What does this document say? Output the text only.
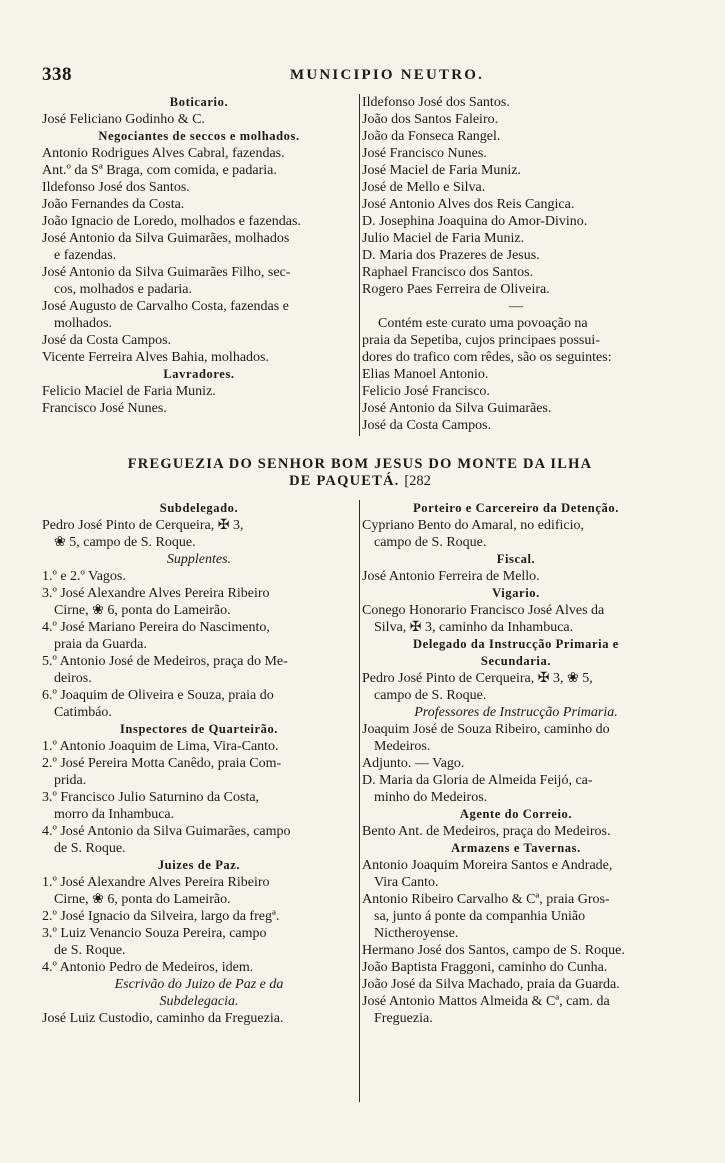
338	MUNICIPIO NEUTRO.
Boticario.
José Feliciano Godinho & C.
Negociantes de seccos e molhados.
Antonio Rodrigues Alves Cabral, fazendas.
Ant.º da Sª Braga, com comida, e padaria.
Ildefonso José dos Santos.
João Fernandes da Costa.
João Ignacio de Loredo, molhados e fazendas.
José Antonio da Silva Guimarães, molhados
e fazendas.
José Antonio da Silva Guimarães Filho, sec-
cos, molhados e padaria.
José Augusto de Carvalho Costa, fazendas e
molhados.
José da Costa Campos.
Vicente Ferreira Alves Bahia, molhados.
Lavradores.
Felicio Maciel de Faria Muniz.
Francisco José Nunes.
Ildefonso José dos Santos.
João dos Santos Faleiro.
João da Fonseca Rangel.
José Francisco Nunes.
José Maciel de Faria Muniz.
José de Mello e Silva.
José Antonio Alves dos Reis Cangica.
D. Josephina Joaquina do Amor-Divino.
Julio Maciel de Faria Muniz.
D. Maria dos Prazeres de Jesus.
Raphael Francisco dos Santos.
Rogero Paes Ferreira de Oliveira.
—
Contém este curato uma povoação na
praia da Sepetiba, cujos principaes possui-
dores do trafico com rêdes, são os seguintes:
Elias Manoel Antonio.
Felicio José Francisco.
José Antonio da Silva Guimarães.
José da Costa Campos.
FREGUEZIA DO SENHOR BOM JESUS DO MONTE DA ILHA
DE PAQUETÁ. [282
Subdelegado.
Pedro José Pinto de Cerqueira, ✠ 3,
❀ 5, campo de S. Roque.
Supplentes.
1.º e 2.º Vagos.
3.º José Alexandre Alves Pereira Ribeiro
Cirne, ❀ 6, ponta do Lameirão.
4.º José Mariano Pereira do Nascimento,
praia da Guarda.
5.º Antonio José de Medeiros, praça do Me-
deiros.
6.º Joaquim de Oliveira e Souza, praia do
Catimbáo.
Inspectores de Quarteirão.
1.º Antonio Joaquim de Lima, Vira-Canto.
2.º José Pereira Motta Canêdo, praia Com-
prida.
3.º Francisco Julio Saturnino da Costa,
morro da Inhambuca.
4.º José Antonio da Silva Guimarães, campo
de S. Roque.
Juizes de Paz.
1.º José Alexandre Alves Pereira Ribeiro
Cirne, ❀ 6, ponta do Lameirão.
2.º José Ignacio da Silveira, largo da fregª.
3.º Luiz Venancio Souza Pereira, campo
de S. Roque.
4.º Antonio Pedro de Medeiros, idem.
Escrivão do Juizo de Paz e da
Subdelegacia.
José Luiz Custodio, caminho da Freguezia.
Porteiro e Carcereiro da Detenção.
Cypriano Bento do Amaral, no edificio,
campo de S. Roque.
Fiscal.
José Antonio Ferreira de Mello.
Vigario.
Conego Honorario Francisco José Alves da
Silva, ✠ 3, caminho da Inhambuca.
Delegado da Instrucção Primaria e
Secundaria.
Pedro José Pinto de Cerqueira, ✠ 3, ❀ 5,
campo de S. Roque.
Professores de Instrucção Primaria.
Joaquim José de Souza Ribeiro, caminho do
Medeiros.
Adjunto. — Vago.
D. Maria da Gloria de Almeida Feijó, ca-
minho do Medeiros.
Agente do Correio.
Bento Ant. de Medeiros, praça do Medeiros.
Armazens e Tavernas.
Antonio Joaquim Moreira Santos e Andrade,
Vira Canto.
Antonio Ribeiro Carvalho & Cª, praia Gros-
sa, junto á ponte da companhia União
Nictheroyense.
Hermano José dos Santos, campo de S. Roque.
João Baptista Fraggoni, caminho do Cunha.
João José da Silva Machado, praia da Guarda.
José Antonio Mattos Almeida & Cª, cam. da
Freguezia.
